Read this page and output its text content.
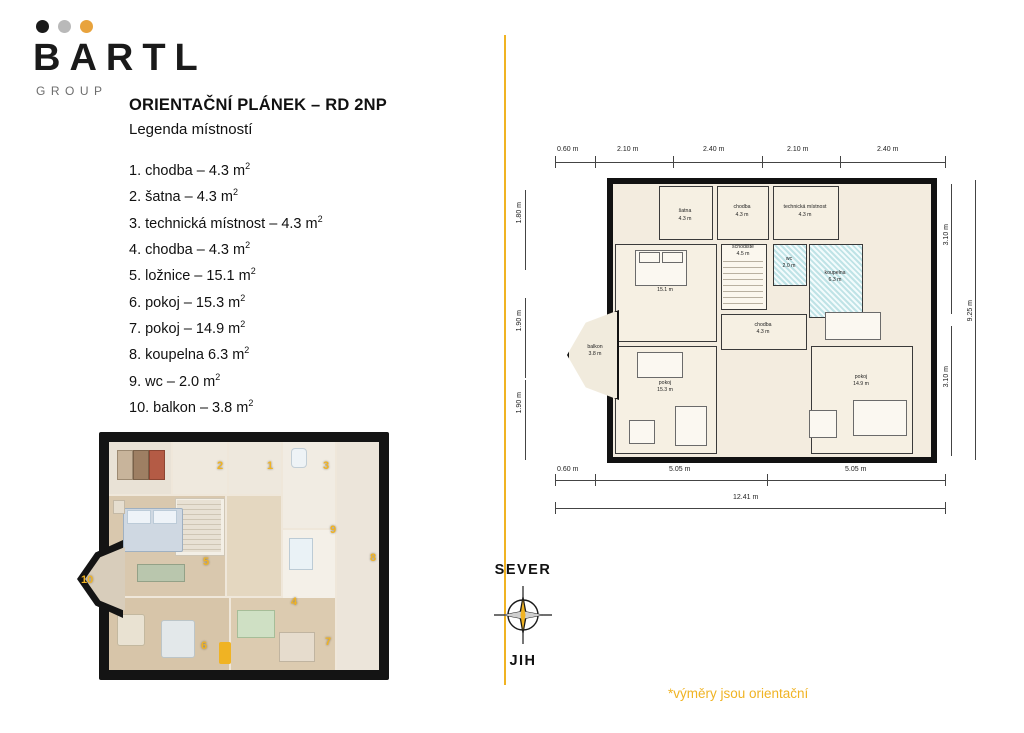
BARTL
GROUP
ORIENTAČNÍ PLÁNEK – RD 2NP
Legenda místností
1. chodba – 4.3 $m^2$
2. šatna – 4.3 $m^2$
3. technická místnost – 4.3 $m^2$
4. chodba – 4.3 $m^2$
5. ložnice – 15.1 $m^2$
6. pokoj – 15.3 $m^2$
7. pokoj – 14.9 $m^2$
8. koupelna 6.3 $m^2$
9. wc – 2.0 $m^2$
10. balkon – 3.8 $m^2$
1.80 m
1.90 m
1.90 m
SEVER
JIH
*výměry jsou orientační
1
2	3
4
5
6	7
8
9
10
0.60 m	2.10 m	2.40 m	2.10 m	2.40 m
šatna
4.3 m
chodba
4.3 m
technická místnost
4.3 m
schodiště
4.5 m
wc
2.0 m
koupelna
6.3 m
15.1 m
chodba
4.3 m
pokoj
15.3 m
pokoj
14.9 m
balkon
3.8 m
0.60 m	5.05 m	5.05 m
12.41 m
3.10 m
3.10 m
9.25 m
